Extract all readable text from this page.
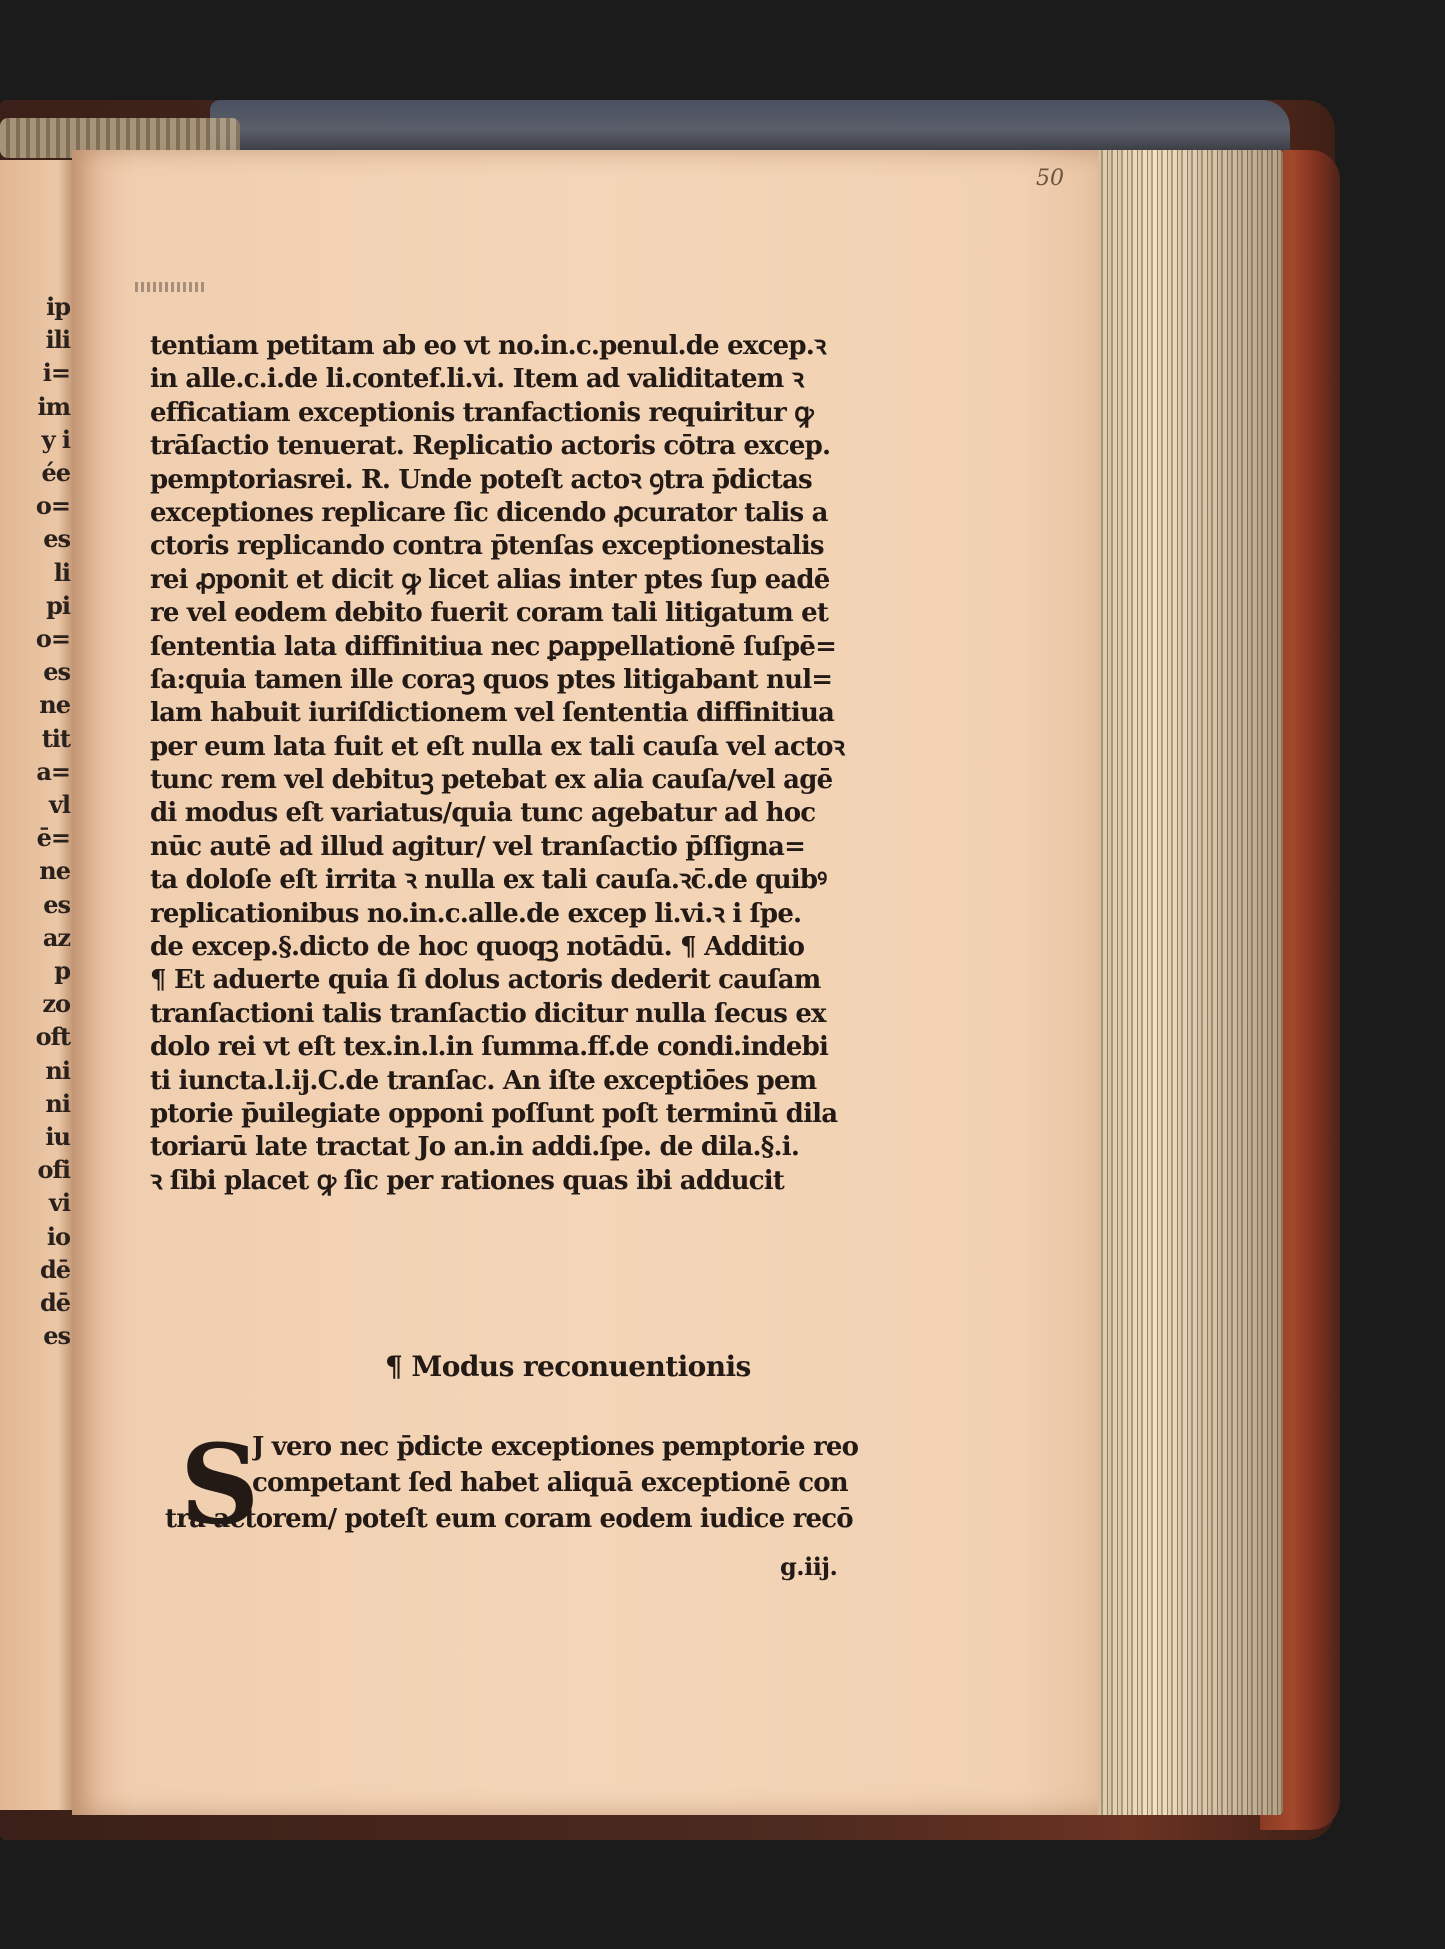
ip
ili
i=
im
y i
ée
o=
es
li
pi
o=
es
ne
tit
a=
vl
ē=
ne
es
az
p
zo
oft
ni
ni
iu
ofi
vi
io
dē
dē
es
50
tentiam petitam ab eo vt no.in.c.penul.de excep.ꝛ
in alle.c.i.de li.contef.li.vi. Item ad validitatem ꝛ
efficatiam exceptionis tranfactionis requiritur ꝙ
trāſactio tenuerat. Replicatio actoris cōtra excep.
pemptoriasrei. R. Unde poteſt actoꝛ ꝯtra p̄dictas
exceptiones replicare ſic dicendo ꝓcurator talis a
ctoris replicando contra p̄tenſas exceptionestalis
rei ꝓponit et dicit ꝙ licet alias inter ptes ſup eadē
re vel eodem debito fuerit coram tali litigatum et
ſententia lata diffinitiua nec ꝑappellationē ſuſpē=
ſa:quia tamen ille coraꝫ quos ptes litigabant nul=
lam habuit iuriſdictionem vel ſententia diffinitiua
per eum lata fuit et eſt nulla ex tali cauſa vel actoꝛ
tunc rem vel debituꝫ petebat ex alia cauſa/vel agē
di modus eſt variatus/quia tunc agebatur ad hoc
nūc autē ad illud agitur/ vel tranſactio p̄ſſigna=
ta doloſe eſt irrita ꝛ nulla ex tali cauſa.ꝛc̄.de quibꝰ
replicationibus no.in.c.alle.de excep li.vi.ꝛ i ſpe.
de excep.§.dicto de hoc quoqꝫ notādū. ¶ Additio
¶ Et aduerte quia ſi dolus actoris dederit cauſam
tranſactioni talis tranſactio dicitur nulla ſecus ex
dolo rei vt eſt tex.in.l.in ſumma.ff.de condi.indebi
ti iuncta.l.ij.C.de tranſac. An iſte exceptiōes pem
ptorie p̄uilegiate opponi poſſunt poſt terminū dila
toriarū late tractat Jo an.in addi.ſpe. de dila.§.i.
ꝛ ſibi placet ꝙ ſic per rationes quas ibi adducit
¶ Modus reconuentionis
S
J vero nec p̄dicte exceptiones pemptorie reo
competant ſed habet aliquā exceptionē con
tra actorem/ poteſt eum coram eodem iudice recō
g.iij.
